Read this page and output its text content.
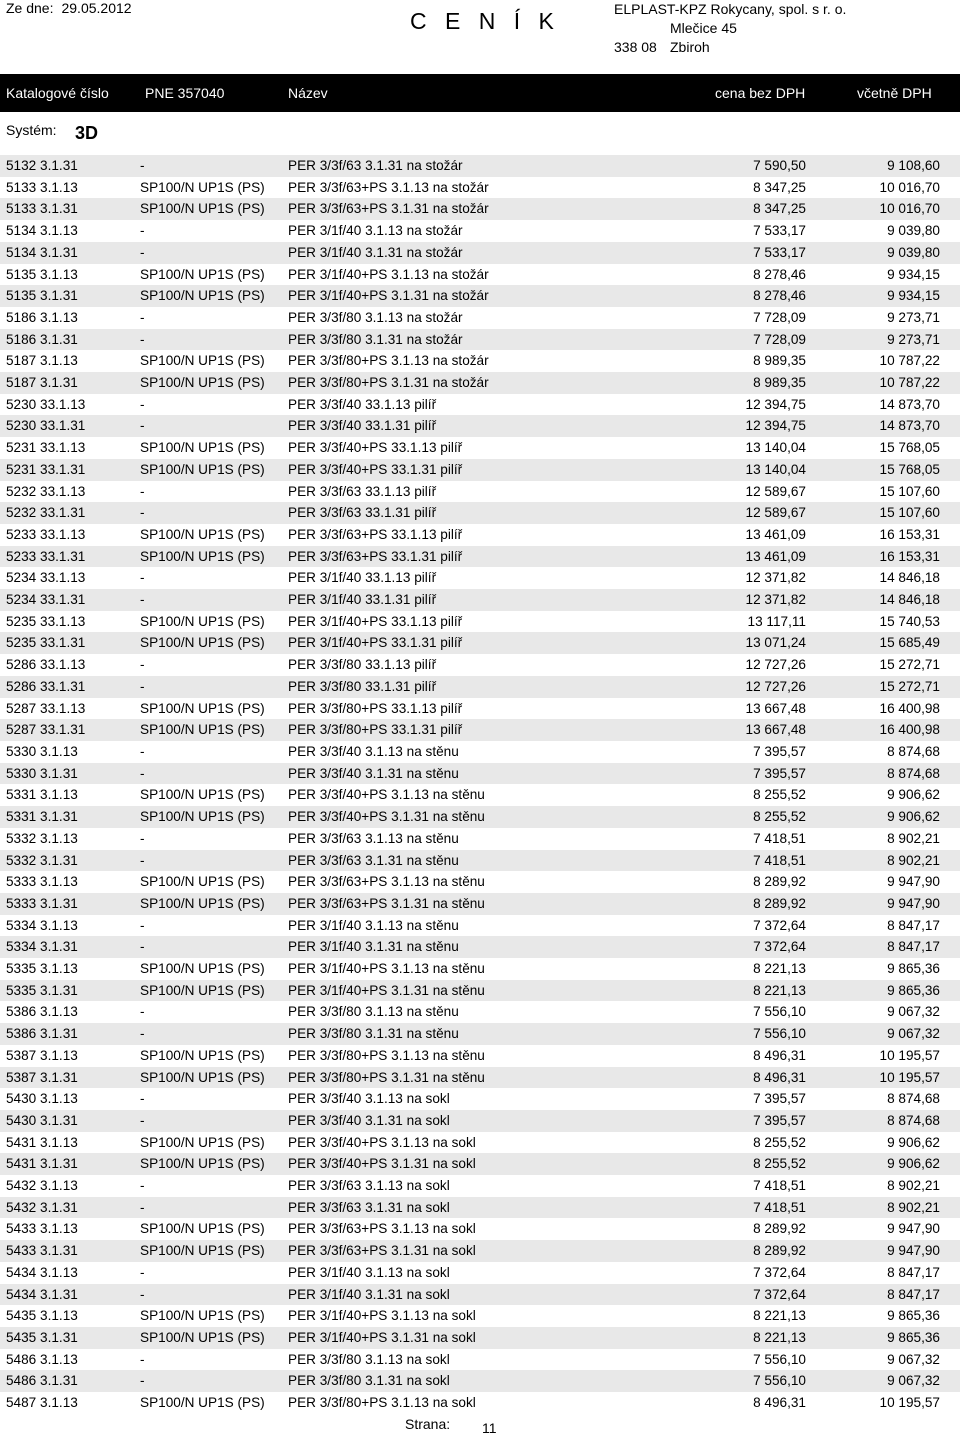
Ze dne: 29.05.2012	C E N Í K	ELPLAST-KPZ Rokycany, spol. s r. o.
Mlečice 45
338 08 Zbiroh
Katalogové číslo	PNE 357040	Název	cena bez DPH	včetně DPH
Systém: 3D
5132 3.1.31	-	PER 3/3f/63 3.1.31 na stožár	7 590,50	9 108,60
5133 3.1.13	SP100/N UP1S (PS)	PER 3/3f/63+PS 3.1.13 na stožár	8 347,25	10 016,70
5133 3.1.31	SP100/N UP1S (PS)	PER 3/3f/63+PS 3.1.31 na stožár	8 347,25	10 016,70
5134 3.1.13	-	PER 3/1f/40 3.1.13 na stožár	7 533,17	9 039,80
5134 3.1.31	-	PER 3/1f/40 3.1.31 na stožár	7 533,17	9 039,80
5135 3.1.13	SP100/N UP1S (PS)	PER 3/1f/40+PS 3.1.13 na stožár	8 278,46	9 934,15
5135 3.1.31	SP100/N UP1S (PS)	PER 3/1f/40+PS 3.1.31 na stožár	8 278,46	9 934,15
5186 3.1.13	-	PER 3/3f/80 3.1.13 na stožár	7 728,09	9 273,71
5186 3.1.31	-	PER 3/3f/80 3.1.31 na stožár	7 728,09	9 273,71
5187 3.1.13	SP100/N UP1S (PS)	PER 3/3f/80+PS 3.1.13 na stožár	8 989,35	10 787,22
5187 3.1.31	SP100/N UP1S (PS)	PER 3/3f/80+PS 3.1.31 na stožár	8 989,35	10 787,22
5230 33.1.13	-	PER 3/3f/40 33.1.13 pilíř	12 394,75	14 873,70
5230 33.1.31	-	PER 3/3f/40 33.1.31 pilíř	12 394,75	14 873,70
5231 33.1.13	SP100/N UP1S (PS)	PER 3/3f/40+PS 33.1.13 pilíř	13 140,04	15 768,05
5231 33.1.31	SP100/N UP1S (PS)	PER 3/3f/40+PS 33.1.31 pilíř	13 140,04	15 768,05
5232 33.1.13	-	PER 3/3f/63 33.1.13 pilíř	12 589,67	15 107,60
5232 33.1.31	-	PER 3/3f/63 33.1.31 pilíř	12 589,67	15 107,60
5233 33.1.13	SP100/N UP1S (PS)	PER 3/3f/63+PS 33.1.13 pilíř	13 461,09	16 153,31
5233 33.1.31	SP100/N UP1S (PS)	PER 3/3f/63+PS 33.1.31 pilíř	13 461,09	16 153,31
5234 33.1.13	-	PER 3/1f/40 33.1.13 pilíř	12 371,82	14 846,18
5234 33.1.31	-	PER 3/1f/40 33.1.31 pilíř	12 371,82	14 846,18
5235 33.1.13	SP100/N UP1S (PS)	PER 3/1f/40+PS 33.1.13 pilíř	13 117,11	15 740,53
5235 33.1.31	SP100/N UP1S (PS)	PER 3/1f/40+PS 33.1.31 pilíř	13 071,24	15 685,49
5286 33.1.13	-	PER 3/3f/80 33.1.13 pilíř	12 727,26	15 272,71
5286 33.1.31	-	PER 3/3f/80 33.1.31 pilíř	12 727,26	15 272,71
5287 33.1.13	SP100/N UP1S (PS)	PER 3/3f/80+PS 33.1.13 pilíř	13 667,48	16 400,98
5287 33.1.31	SP100/N UP1S (PS)	PER 3/3f/80+PS 33.1.31 pilíř	13 667,48	16 400,98
5330 3.1.13	-	PER 3/3f/40 3.1.13 na stěnu	7 395,57	8 874,68
5330 3.1.31	-	PER 3/3f/40 3.1.31 na stěnu	7 395,57	8 874,68
5331 3.1.13	SP100/N UP1S (PS)	PER 3/3f/40+PS 3.1.13 na stěnu	8 255,52	9 906,62
5331 3.1.31	SP100/N UP1S (PS)	PER 3/3f/40+PS 3.1.31 na stěnu	8 255,52	9 906,62
5332 3.1.13	-	PER 3/3f/63 3.1.13 na stěnu	7 418,51	8 902,21
5332 3.1.31	-	PER 3/3f/63 3.1.31 na stěnu	7 418,51	8 902,21
5333 3.1.13	SP100/N UP1S (PS)	PER 3/3f/63+PS 3.1.13 na stěnu	8 289,92	9 947,90
5333 3.1.31	SP100/N UP1S (PS)	PER 3/3f/63+PS 3.1.31 na stěnu	8 289,92	9 947,90
5334 3.1.13	-	PER 3/1f/40 3.1.13 na stěnu	7 372,64	8 847,17
5334 3.1.31	-	PER 3/1f/40 3.1.31 na stěnu	7 372,64	8 847,17
5335 3.1.13	SP100/N UP1S (PS)	PER 3/1f/40+PS 3.1.13 na stěnu	8 221,13	9 865,36
5335 3.1.31	SP100/N UP1S (PS)	PER 3/1f/40+PS 3.1.31 na stěnu	8 221,13	9 865,36
5386 3.1.13	-	PER 3/3f/80 3.1.13 na stěnu	7 556,10	9 067,32
5386 3.1.31	-	PER 3/3f/80 3.1.31 na stěnu	7 556,10	9 067,32
5387 3.1.13	SP100/N UP1S (PS)	PER 3/3f/80+PS 3.1.13 na stěnu	8 496,31	10 195,57
5387 3.1.31	SP100/N UP1S (PS)	PER 3/3f/80+PS 3.1.31 na stěnu	8 496,31	10 195,57
5430 3.1.13	-	PER 3/3f/40 3.1.13 na sokl	7 395,57	8 874,68
5430 3.1.31	-	PER 3/3f/40 3.1.31 na sokl	7 395,57	8 874,68
5431 3.1.13	SP100/N UP1S (PS)	PER 3/3f/40+PS 3.1.13 na sokl	8 255,52	9 906,62
5431 3.1.31	SP100/N UP1S (PS)	PER 3/3f/40+PS 3.1.31 na sokl	8 255,52	9 906,62
5432 3.1.13	-	PER 3/3f/63 3.1.13 na sokl	7 418,51	8 902,21
5432 3.1.31	-	PER 3/3f/63 3.1.31 na sokl	7 418,51	8 902,21
5433 3.1.13	SP100/N UP1S (PS)	PER 3/3f/63+PS 3.1.13 na sokl	8 289,92	9 947,90
5433 3.1.31	SP100/N UP1S (PS)	PER 3/3f/63+PS 3.1.31 na sokl	8 289,92	9 947,90
5434 3.1.13	-	PER 3/1f/40 3.1.13 na sokl	7 372,64	8 847,17
5434 3.1.31	-	PER 3/1f/40 3.1.31 na sokl	7 372,64	8 847,17
5435 3.1.13	SP100/N UP1S (PS)	PER 3/1f/40+PS 3.1.13 na sokl	8 221,13	9 865,36
5435 3.1.31	SP100/N UP1S (PS)	PER 3/1f/40+PS 3.1.31 na sokl	8 221,13	9 865,36
5486 3.1.13	-	PER 3/3f/80 3.1.13 na sokl	7 556,10	9 067,32
5486 3.1.31	-	PER 3/3f/80 3.1.31 na sokl	7 556,10	9 067,32
5487 3.1.13	SP100/N UP1S (PS)	PER 3/3f/80+PS 3.1.13 na sokl	8 496,31	10 195,57
Strana: 11
